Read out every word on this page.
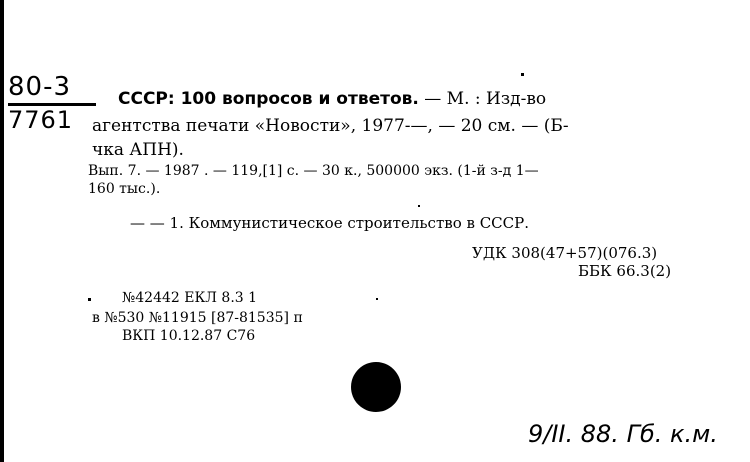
80-3
7761
СССР: 100 вопросов и ответов. — М. : Изд-во
агентства печати «Новости», 1977-—, — 20 см. — (Б-
чка АПН).
Вып. 7. — 1987 . — 119,[1] с. — 30 к., 500000 экз. (1-й з-д 1—
160 тыс.).
— — 1. Коммунистическое строительство в СССР.
УДК 308(47+57)(076.3)
ББК 66.3(2)
№42442 ЕКЛ 8.3 1
в №530 №11915 [87-81535] п
ВКП 10.12.87 С76
9/ІІ. 88. Гб. к.м.
